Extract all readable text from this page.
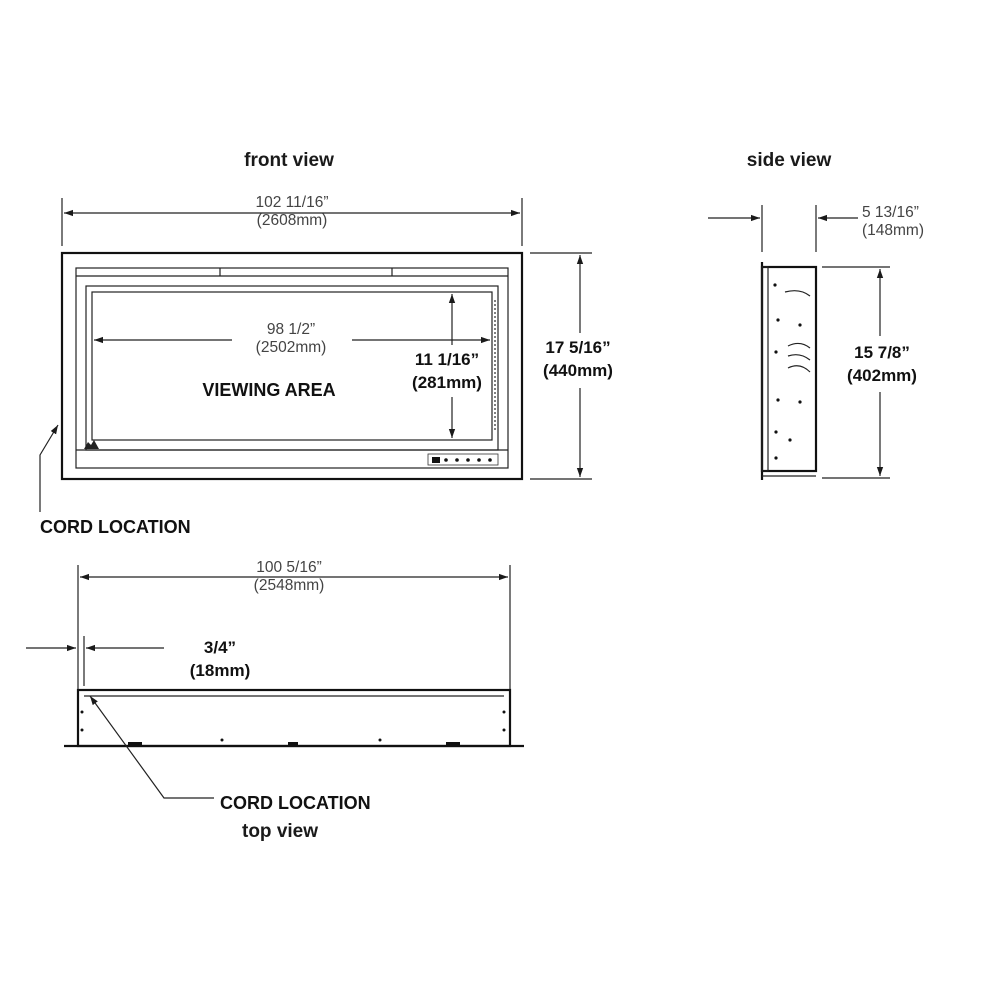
front view
102 11/16”
(2608mm)
98 1/2”
(2502mm)
VIEWING AREA
11 1/16”
(281mm)
17 5/16”
(440mm)
CORD LOCATION
side view
5 13/16”
(148mm)
15 7/8”
(402mm)
100 5/16”
(2548mm)
3/4”
(18mm)
CORD LOCATION
top view
